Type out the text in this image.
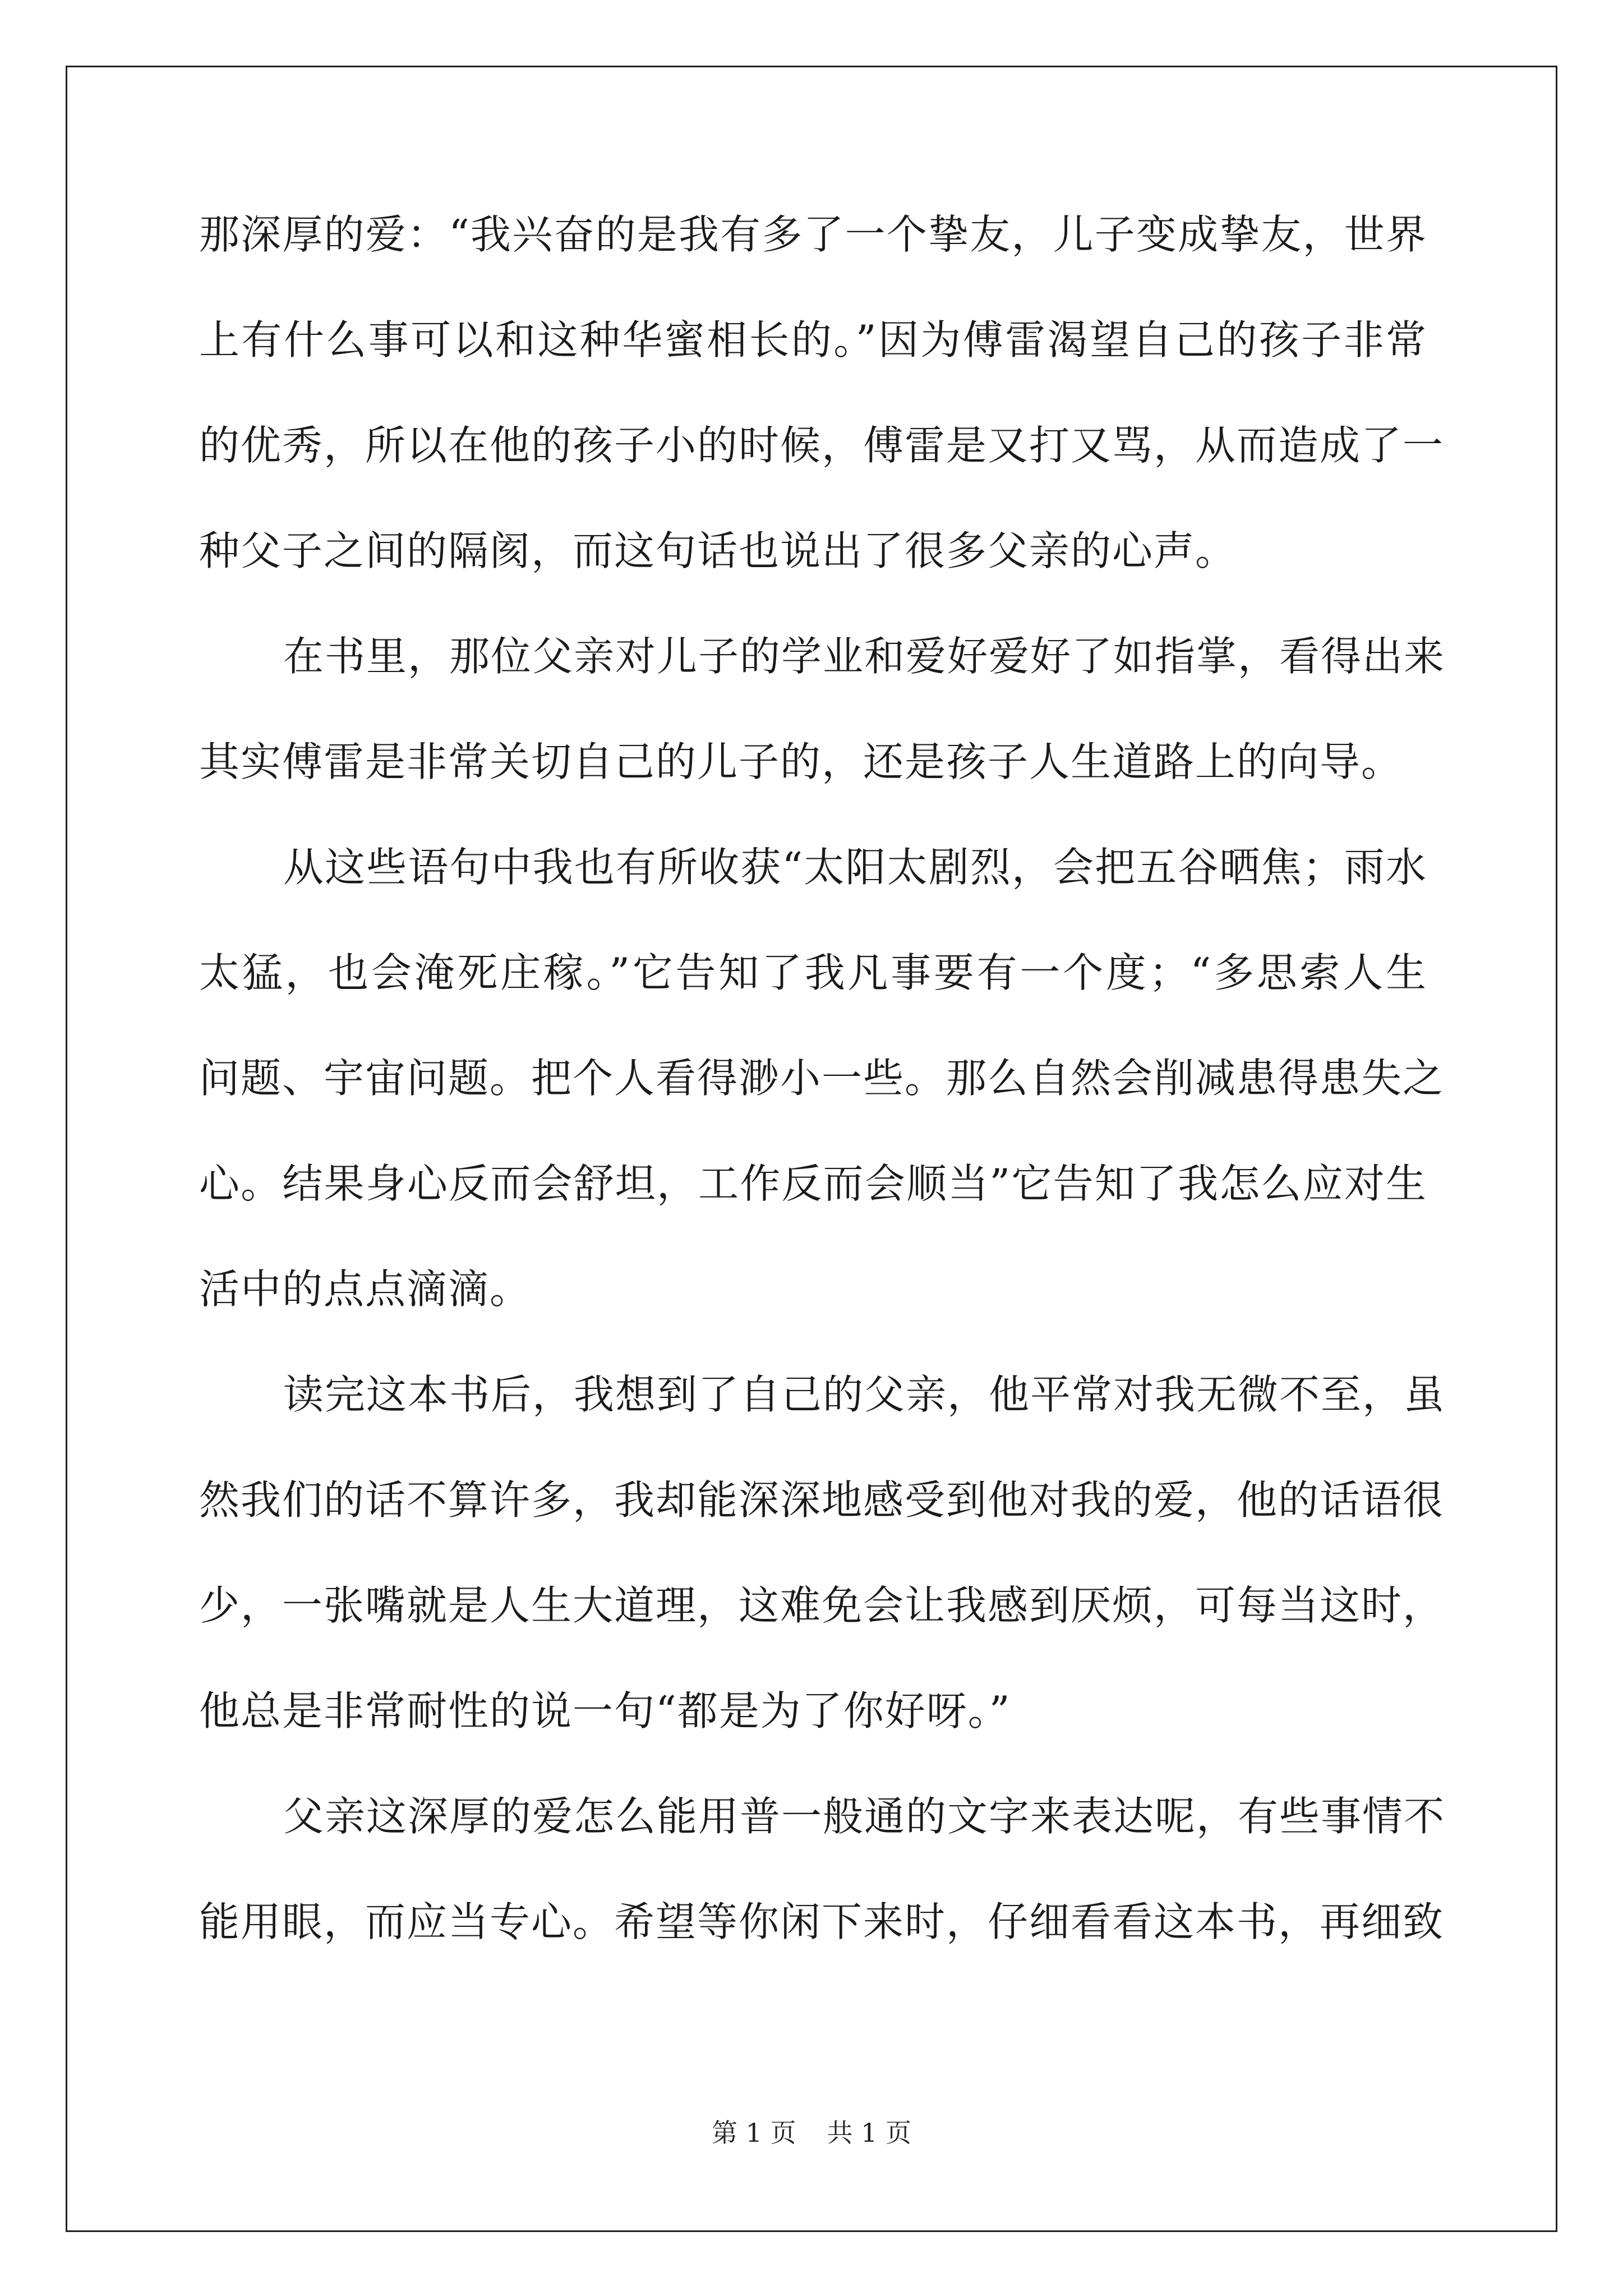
那深厚的爱：“我兴奋的是我有多了一个挚友，儿子变成挚友，世界
上有什么事可以和这种华蜜相长的。”因为傅雷渴望自己的孩子非常
的优秀，所以在他的孩子小的时候，傅雷是又打又骂，从而造成了一
种父子之间的隔阂，而这句话也说出了很多父亲的心声。
在书里，那位父亲对儿子的学业和爱好爱好了如指掌，看得出来
其实傅雷是非常关切自己的儿子的，还是孩子人生道路上的向导。
从这些语句中我也有所收获“太阳太剧烈，会把五谷晒焦；雨水
太猛，也会淹死庄稼。”它告知了我凡事要有一个度；“多思索人生
问题、宇宙问题。把个人看得渺小一些。那么自然会削减患得患失之
心。结果身心反而会舒坦，工作反而会顺当”它告知了我怎么应对生
活中的点点滴滴。
读完这本书后，我想到了自己的父亲，他平常对我无微不至，虽
然我们的话不算许多，我却能深深地感受到他对我的爱，他的话语很
少，一张嘴就是人生大道理，这难免会让我感到厌烦，可每当这时，
他总是非常耐性的说一句“都是为了你好呀。”
父亲这深厚的爱怎么能用普一般通的文字来表达呢，有些事情不
能用眼，而应当专心。希望等你闲下来时，仔细看看这本书，再细致
第 1 页 共 1 页
